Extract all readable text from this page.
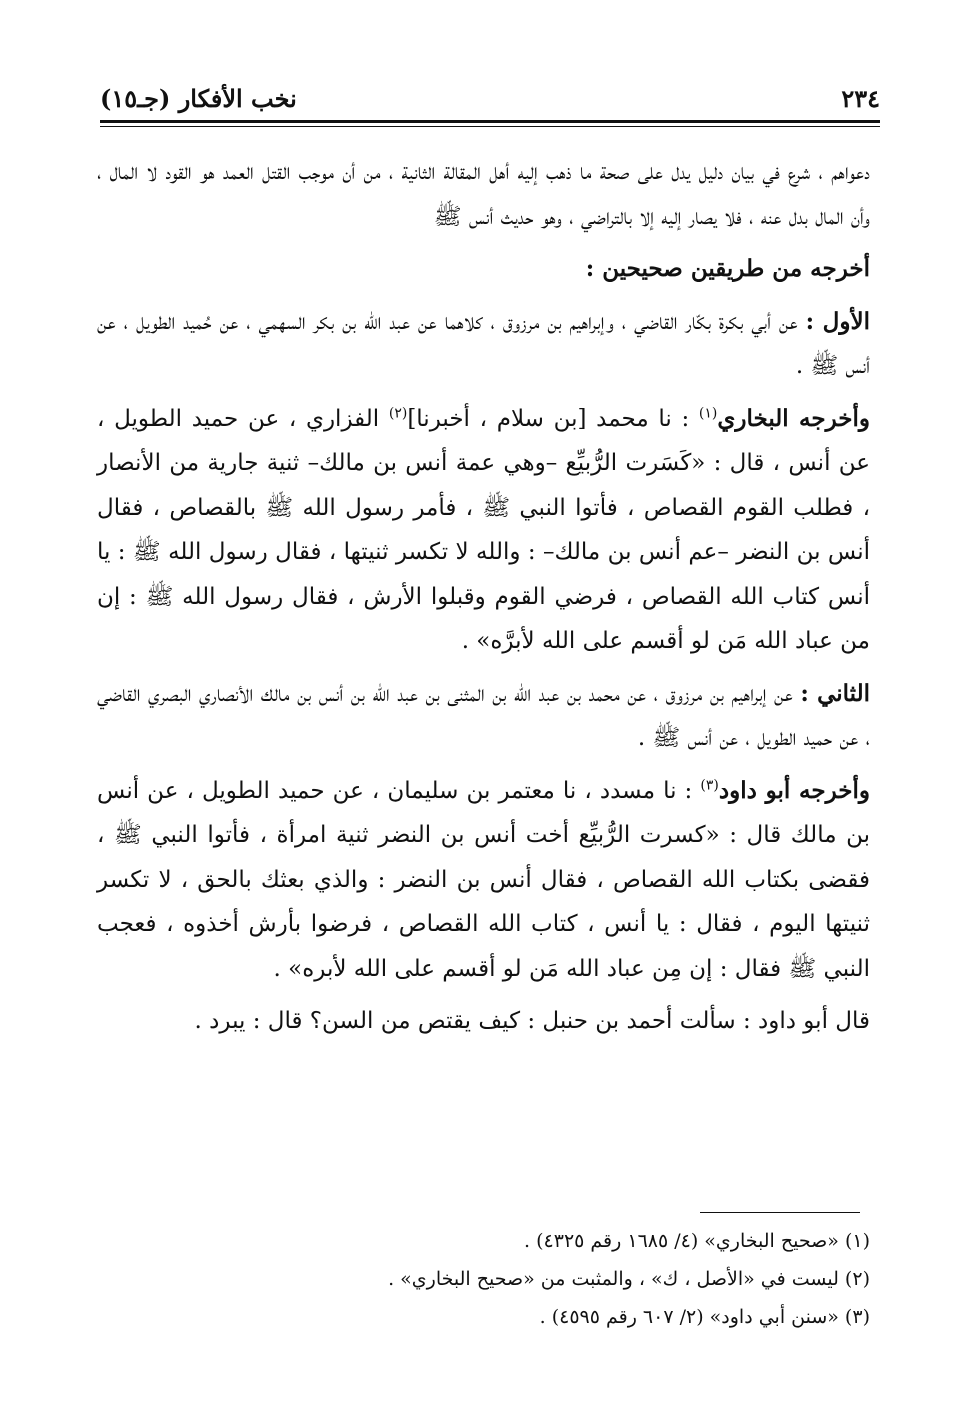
٢٣٤
نخب الأفكار (جـ١٥)

دعواهم ، شرع في بيان دليل يدل على صحة ما ذهب إليه أهل المقالة الثانية ، من أن موجب القتل العمد هو القود لا المال ، وأن المال بدل عنه ، فلا يصار إليه إلا بالتراضي ، وهو حديث أنس ﷺ

أخرجه من طريقين صحيحين :

الأول : عن أبي بكرة بكّار القاضي ، وإبراهيم بن مرزوق ، كلاهما عن عبد الله بن بكر السهمي ، عن حُميد الطويل ، عن أنس ﷺ .

وأخرجه البخاري$^{(١)}$ : نا محمد [بن سلام ، أخبرنا]$^{(٢)}$ الفزاري ، عن حميد الطويل ، عن أنس ، قال : «كَسَرت الرُّبيِّع –وهي عمة أنس بن مالك– ثنية جارية من الأنصار ، فطلب القوم القصاص ، فأتوا النبي ﷺ ، فأمر رسول الله ﷺ بالقصاص ، فقال أنس بن النضر –عم أنس بن مالك– : والله لا تكسر ثنيتها ، فقال رسول الله ﷺ : يا أنس كتاب الله القصاص ، فرضي القوم وقبلوا الأرش ، فقال رسول الله ﷺ : إن من عباد الله مَن لو أقسم على الله لأبرَّه» .

الثاني : عن إبراهيم بن مرزوق ، عن محمد بن عبد الله بن المثنى بن عبد الله بن أنس بن مالك الأنصاري البصري القاضي ، عن حميد الطويل ، عن أنس ﷺ .

وأخرجه أبو داود$^{(٣)}$ : نا مسدد ، نا معتمر بن سليمان ، عن حميد الطويل ، عن أنس بن مالك قال : «كسرت الرُّبيِّع أخت أنس بن النضر ثنية امرأة ، فأتوا النبي ﷺ ، فقضى بكتاب الله القصاص ، فقال أنس بن النضر : والذي بعثك بالحق ، لا تكسر ثنيتها اليوم ، فقال : يا أنس ، كتاب الله القصاص ، فرضوا بأرش أخذوه ، فعجب النبي ﷺ فقال : إن مِن عباد الله مَن لو أقسم على الله لأبره» .

قال أبو داود : سألت أحمد بن حنبل : كيف يقتص من السن؟ قال : يبرد .

(١) «صحيح البخاري» (٤/ ١٦٨٥ رقم ٤٣٢٥) .
(٢) ليست في «الأصل ، ك» ، والمثبت من «صحيح البخاري» .
(٣) «سنن أبي داود» (٢/ ٦٠٧ رقم ٤٥٩٥) .
